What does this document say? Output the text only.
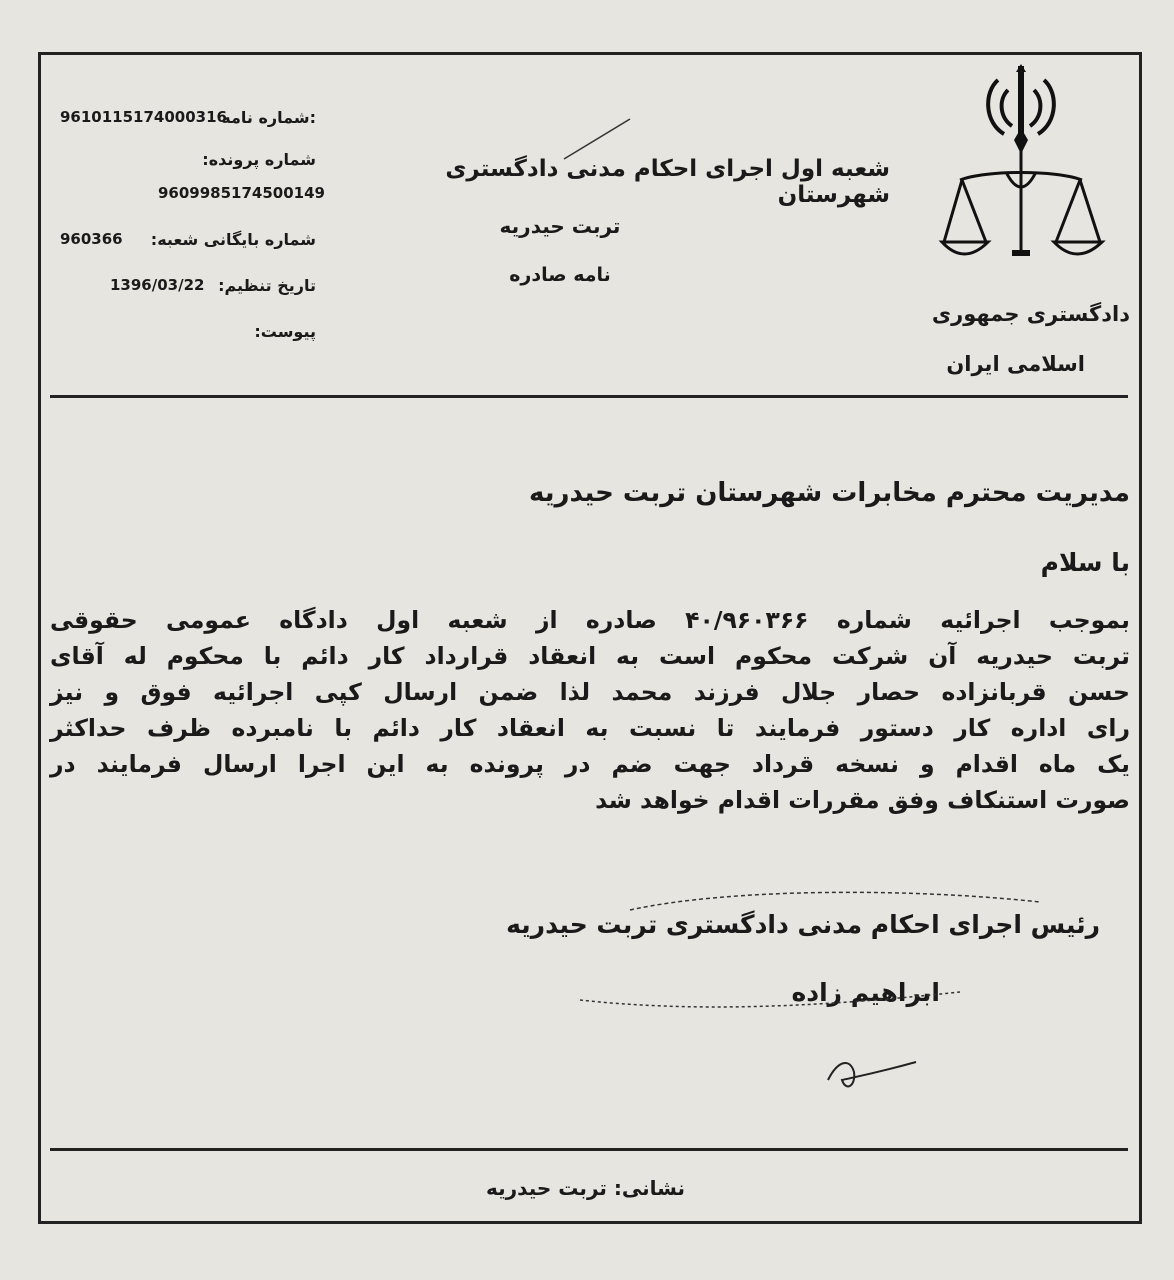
دادگستری جمهوری
اسلامی ایران
شعبه اول اجرای احکام مدنی دادگستری شهرستان
تربت حیدریه
نامه صادره
:شماره نامه
9610115174000316
شماره پرونده:
9609985174500149
شماره بایگانی شعبه:
960366
تاریخ تنظیم:
1396/03/22
پیوست:
مدیریت محترم مخابرات شهرستان تربت حیدریه
با سلام
بموجب اجرائیه شماره ۴۰/۹۶۰۳۶۶ صادره از شعبه اول دادگاه عمومی حقوقی
تربت حیدریه آن شرکت محکوم است به انعقاد قرارداد کار دائم با محکوم له آقای
حسن قربانزاده حصار جلال فرزند محمد لذا ضمن ارسال کپی اجرائیه فوق و نیز
رای اداره کار دستور فرمایند تا نسبت به انعقاد کار دائم با نامبرده ظرف حداکثر
یک ماه اقدام و نسخه قرداد جهت ضم در پرونده به این اجرا ارسال فرمایند در
صورت استنکاف وفق مقررات اقدام خواهد شد
رئیس اجرای احکام مدنی دادگستری تربت حیدریه
ابراهیم زاده
نشانی: تربت حیدریه
